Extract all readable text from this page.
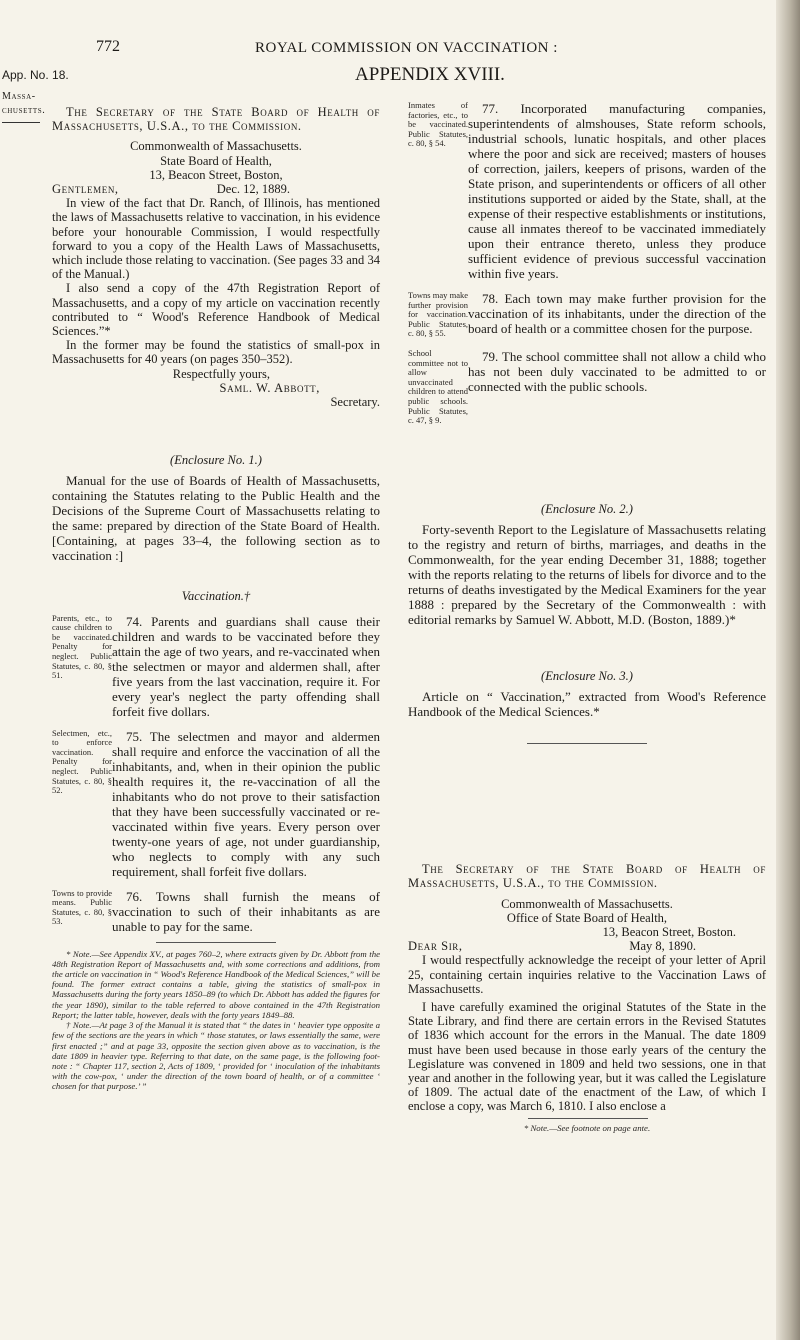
772	ROYAL COMMISSION ON VACCINATION :
App. No. 18.
Massa-
chusetts.
APPENDIX XVIII.

The Secretary of the State Board of Health of Massachusetts, U.S.A., to the Commission.

Commonwealth of Massachusetts.

State Board of Health,

13, Beacon Street, Boston,

Gentlemen,	Dec. 12, 1889.

In view of the fact that Dr. Ranch, of Illinois, has mentioned the laws of Massachusetts relative to vaccination, in his evidence before your honourable Commission, I would respectfully forward to you a copy of the Health Laws of Massachusetts, which include those relating to vaccination. (See pages 33 and 34 of the Manual.)

I also send a copy of the 47th Registration Report of Massachusetts, and a copy of my article on vaccination recently contributed to “ Wood's Reference Handbook of Medical Sciences.”*

In the former may be found the statistics of small-pox in Massachusetts for 40 years (on pages 350–352).

Respectfully yours,

Saml. W. Abbott,

Secretary.

(Enclosure No. 1.)

Manual for the use of Boards of Health of Massachusetts, containing the Statutes relating to the Public Health and the Decisions of the Supreme Court of Massachusetts relating to the same: prepared by direction of the State Board of Health. [Containing, at pages 33–4, the following section as to vaccination :]

Vaccination.†

Parents, etc., to cause children to be vaccinated. Penalty for neglect. Public Statutes, c. 80, § 51.
74. Parents and guardians shall cause their children and wards to be vaccinated before they attain the age of two years, and re-vaccinated when the selectmen or mayor and aldermen shall, after five years from the last vaccination, require it. For every year's neglect the party offending shall forfeit five dollars.
Selectmen, etc., to enforce vaccination. Penalty for neglect. Public Statutes, c. 80, § 52.
75. The selectmen and mayor and aldermen shall require and enforce the vaccination of all the inhabitants, and, when in their opinion the public health requires it, the re-vaccination of all the inhabitants who do not prove to their satisfaction that they have been successfully vaccinated or re-vaccinated within five years. Every person over twenty-one years of age, not under guardianship, who neglects to comply with any such requirement, shall forfeit five dollars.
Towns to provide means. Public Statutes, c. 80, § 53.
76. Towns shall furnish the means of vaccination to such of their inhabitants as are unable to pay for the same.

* Note.—See Appendix XV., at pages 760–2, where extracts given by Dr. Abbott from the 48th Registration Report of Massachusetts and, with some corrections and additions, from the article on vaccination in “ Wood's Reference Handbook of the Medical Sciences,” will be found. The former extract contains a table, giving the statistics of small-pox in Massachusetts during the forty years 1850–89 (to which Dr. Abbott has added the figures for the year 1890), similar to the table referred to above contained in the 47th Registration Report; the latter table, however, deals with the forty years 1849–88.

† Note.—At page 3 of the Manual it is stated that “ the dates in ‘ heavier type opposite a few of the sections are the years in which “ those statutes, or laws essentially the same, were first enacted ;” and at page 33, opposite the section given above as to vaccination, is the date 1809 in heavier type. Referring to that date, on the same page, is the following foot-note : “ Chapter 117, section 2, Acts of 1809, ‘ provided for ‘ inoculation of the inhabitants with the cow-pox, ‘ under the direction of the town board of health, or of a committee ‘ chosen for that purpose.’ ”

Inmates of factories, etc., to be vaccinated. Public Statutes, c. 80, § 54.
77. Incorporated manufacturing companies, superintendents of almshouses, State reform schools, industrial schools, lunatic hospitals, and other places where the poor and sick are received; masters of houses of correction, jailers, keepers of prisons, warden of the State prison, and superintendents or officers of all other institutions supported or aided by the State, shall, at the expense of their respective establishments or institutions, cause all inmates thereof to be vaccinated immediately upon their entrance thereto, unless they produce sufficient evidence of previous successful vaccination within five years.
Towns may make further provision for vaccination. Public Statutes, c. 80, § 55.
78. Each town may make further provision for the vaccination of its inhabitants, under the direction of the board of health or a committee chosen for the purpose.
School committee not to allow unvaccinated children to attend public schools. Public Statutes, c. 47, § 9.
79. The school committee shall not allow a child who has not been duly vaccinated to be admitted to or connected with the public schools.

(Enclosure No. 2.)

Forty-seventh Report to the Legislature of Massachusetts relating to the registry and return of births, marriages, and deaths in the Commonwealth, for the year ending December 31, 1888; together with the reports relating to the returns of libels for divorce and to the returns of deaths investigated by the Medical Examiners for the year 1888 : prepared by the Secretary of the Commonwealth : with editorial remarks by Samuel W. Abbott, M.D. (Boston, 1889.)*

(Enclosure No. 3.)

Article on “ Vaccination,” extracted from Wood's Reference Handbook of the Medical Sciences.*

The Secretary of the State Board of Health of Massachusetts, U.S.A., to the Commission.

Commonwealth of Massachusetts.

Office of State Board of Health,

13, Beacon Street, Boston.

Dear Sir,	May 8, 1890.

I would respectfully acknowledge the receipt of your letter of April 25, containing certain inquiries relative to the Vaccination Laws of Massachusetts.

I have carefully examined the original Statutes of the State in the State Library, and find there are certain errors in the Revised Statutes of 1836 which account for the errors in the Manual. The date 1809 must have been used because in those early years of the century the Legislature was convened in 1809 and held two sessions, one in that year and another in the following year, but it was called the Legislature of 1809. The actual date of the enactment of the Law, of which I enclose a copy, was March 6, 1810. I also enclose a

* Note.—See footnote on page ante.
